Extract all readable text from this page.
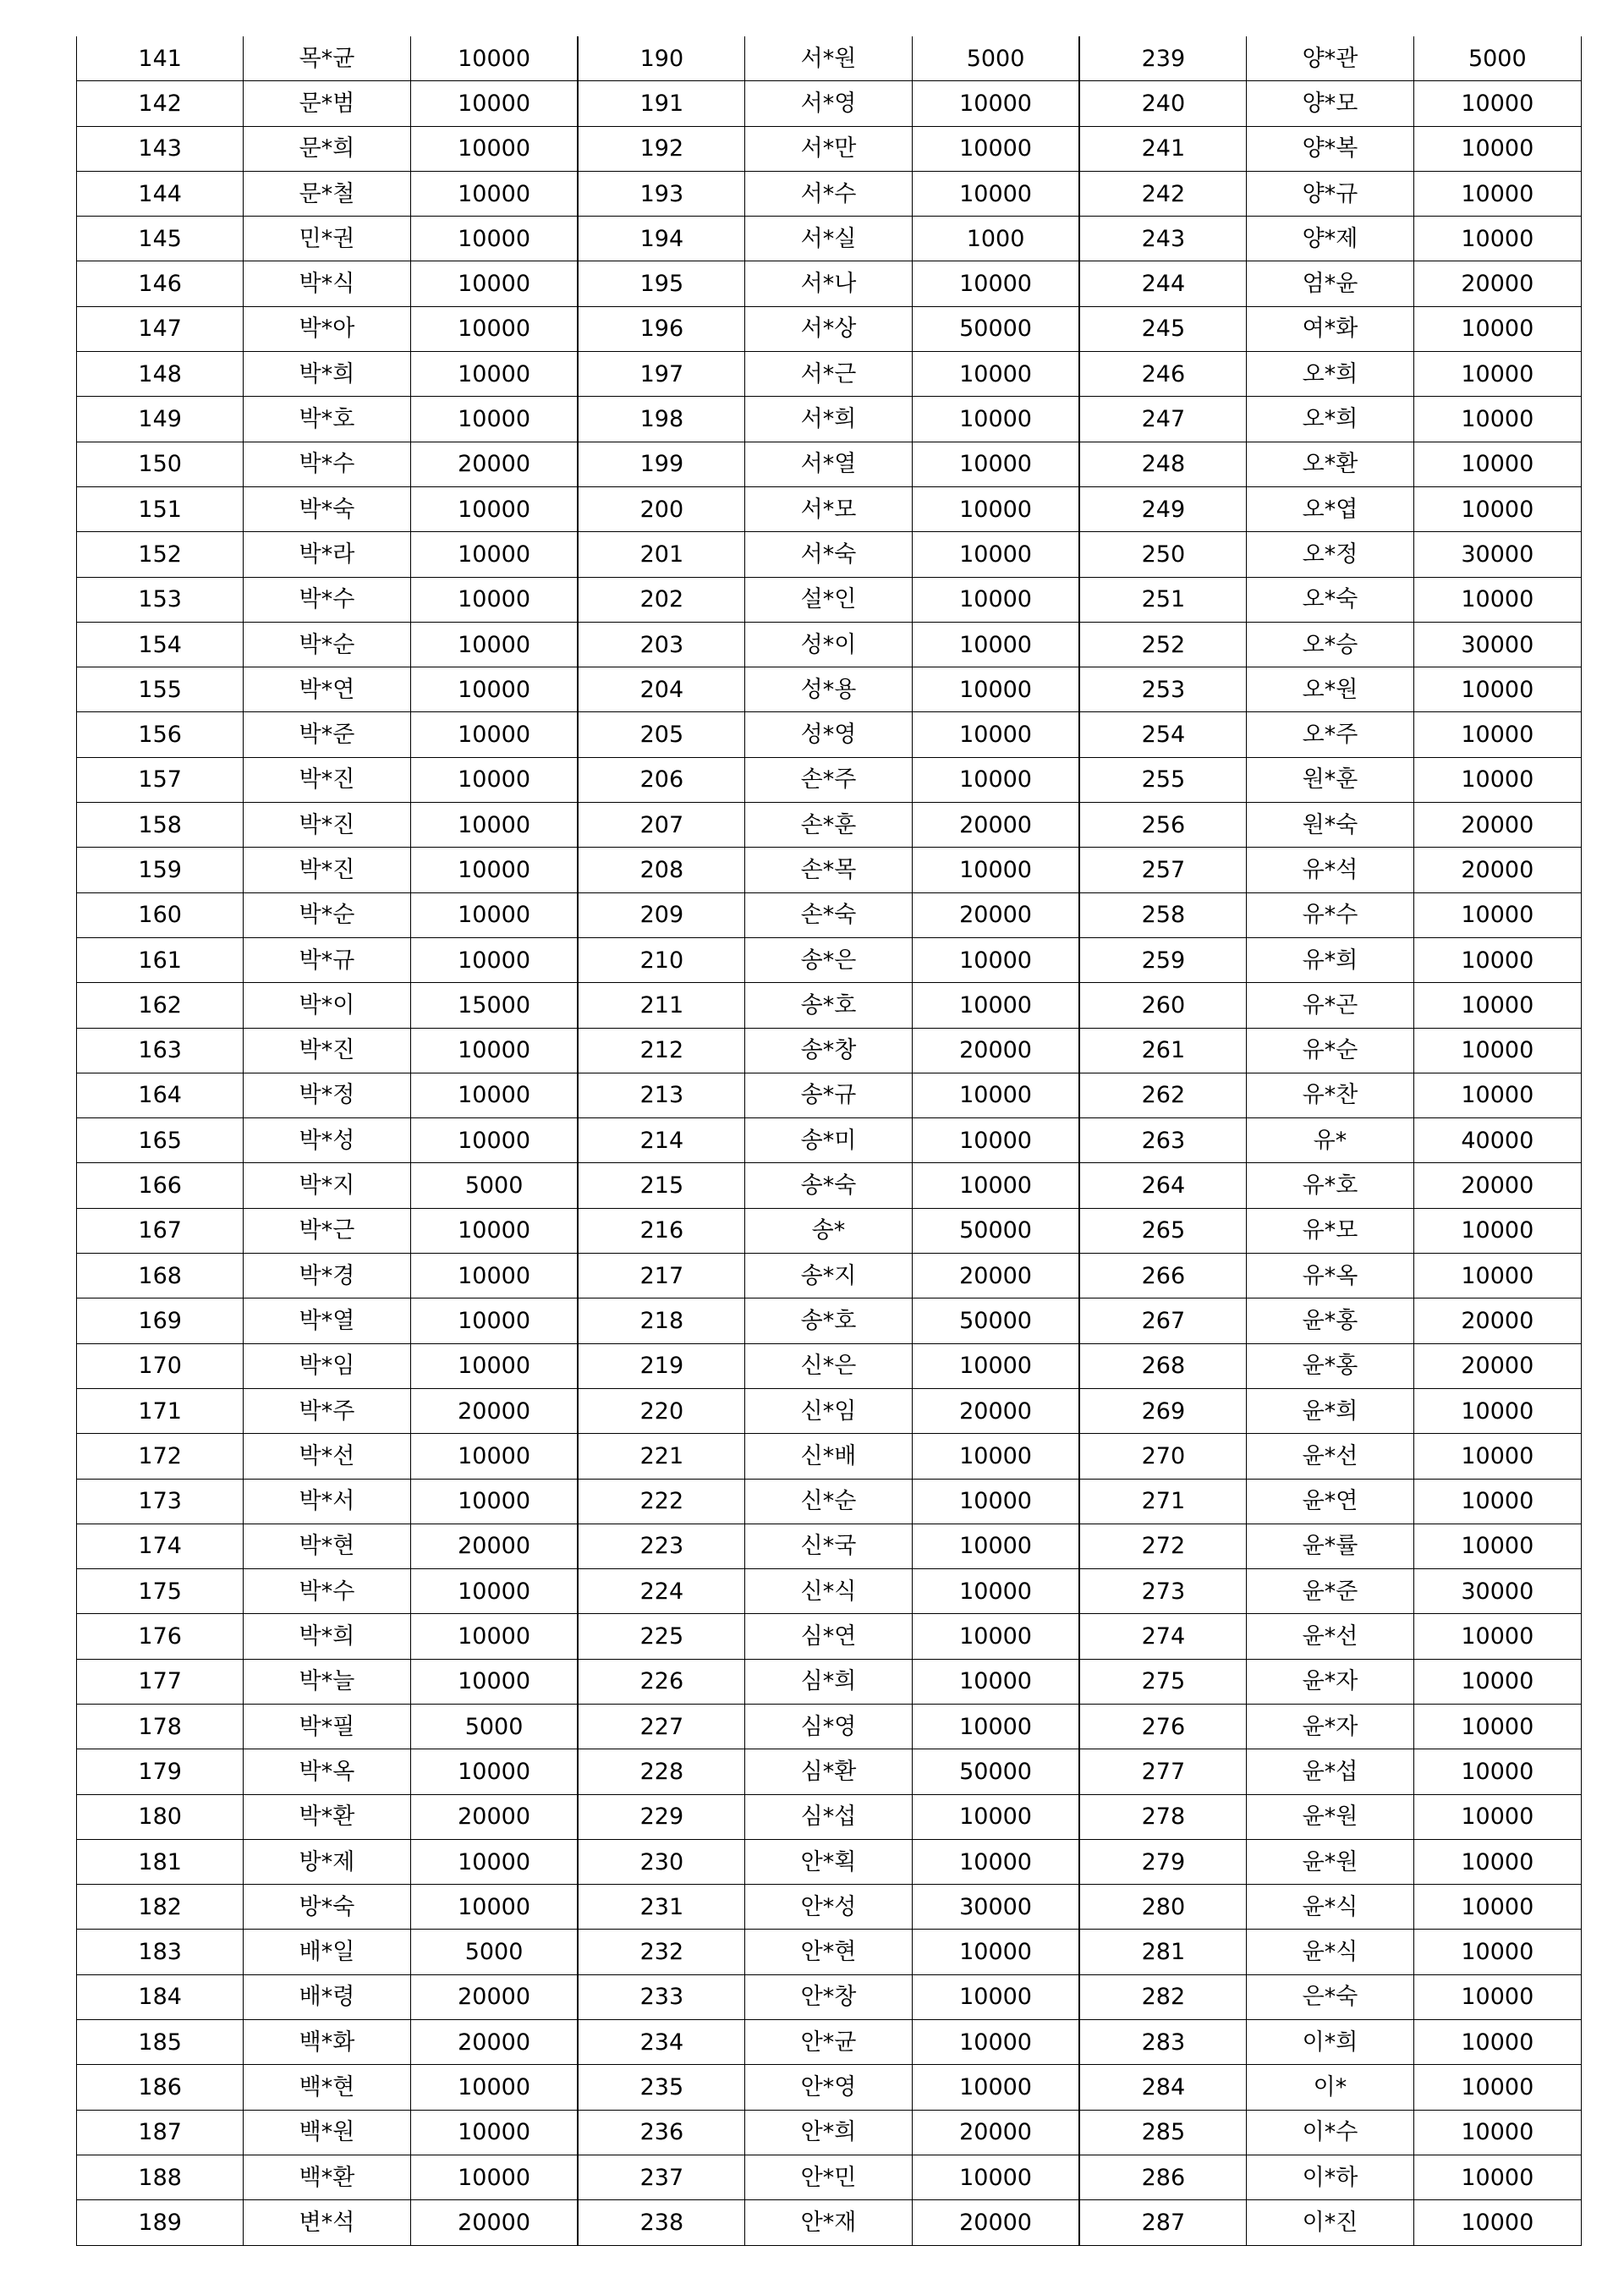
141	목*균	10000	190	서*원	5000	239	양*관	5000
142	문*범	10000	191	서*영	10000	240	양*모	10000
143	문*희	10000	192	서*만	10000	241	양*복	10000
144	문*철	10000	193	서*수	10000	242	양*규	10000
145	민*권	10000	194	서*실	1000	243	양*제	10000
146	박*식	10000	195	서*나	10000	244	엄*윤	20000
147	박*아	10000	196	서*상	50000	245	여*화	10000
148	박*희	10000	197	서*근	10000	246	오*희	10000
149	박*호	10000	198	서*희	10000	247	오*희	10000
150	박*수	20000	199	서*열	10000	248	오*환	10000
151	박*숙	10000	200	서*모	10000	249	오*엽	10000
152	박*라	10000	201	서*숙	10000	250	오*정	30000
153	박*수	10000	202	설*인	10000	251	오*숙	10000
154	박*순	10000	203	성*이	10000	252	오*승	30000
155	박*연	10000	204	성*용	10000	253	오*원	10000
156	박*준	10000	205	성*영	10000	254	오*주	10000
157	박*진	10000	206	손*주	10000	255	원*훈	10000
158	박*진	10000	207	손*훈	20000	256	원*숙	20000
159	박*진	10000	208	손*목	10000	257	유*석	20000
160	박*순	10000	209	손*숙	20000	258	유*수	10000
161	박*규	10000	210	송*은	10000	259	유*희	10000
162	박*이	15000	211	송*호	10000	260	유*곤	10000
163	박*진	10000	212	송*창	20000	261	유*순	10000
164	박*정	10000	213	송*규	10000	262	유*찬	10000
165	박*성	10000	214	송*미	10000	263	유*	40000
166	박*지	5000	215	송*숙	10000	264	유*호	20000
167	박*근	10000	216	송*	50000	265	유*모	10000
168	박*경	10000	217	송*지	20000	266	유*옥	10000
169	박*열	10000	218	송*호	50000	267	윤*홍	20000
170	박*임	10000	219	신*은	10000	268	윤*홍	20000
171	박*주	20000	220	신*임	20000	269	윤*희	10000
172	박*선	10000	221	신*배	10000	270	윤*선	10000
173	박*서	10000	222	신*순	10000	271	윤*연	10000
174	박*현	20000	223	신*국	10000	272	윤*률	10000
175	박*수	10000	224	신*식	10000	273	윤*준	30000
176	박*희	10000	225	심*연	10000	274	윤*선	10000
177	박*늘	10000	226	심*희	10000	275	윤*자	10000
178	박*필	5000	227	심*영	10000	276	윤*자	10000
179	박*옥	10000	228	심*환	50000	277	윤*섭	10000
180	박*환	20000	229	심*섭	10000	278	윤*원	10000
181	방*제	10000	230	안*획	10000	279	윤*원	10000
182	방*숙	10000	231	안*성	30000	280	윤*식	10000
183	배*일	5000	232	안*현	10000	281	윤*식	10000
184	배*령	20000	233	안*창	10000	282	은*숙	10000
185	백*화	20000	234	안*균	10000	283	이*희	10000
186	백*현	10000	235	안*영	10000	284	이*	10000
187	백*원	10000	236	안*희	20000	285	이*수	10000
188	백*환	10000	237	안*민	10000	286	이*하	10000
189	변*석	20000	238	안*재	20000	287	이*진	10000
